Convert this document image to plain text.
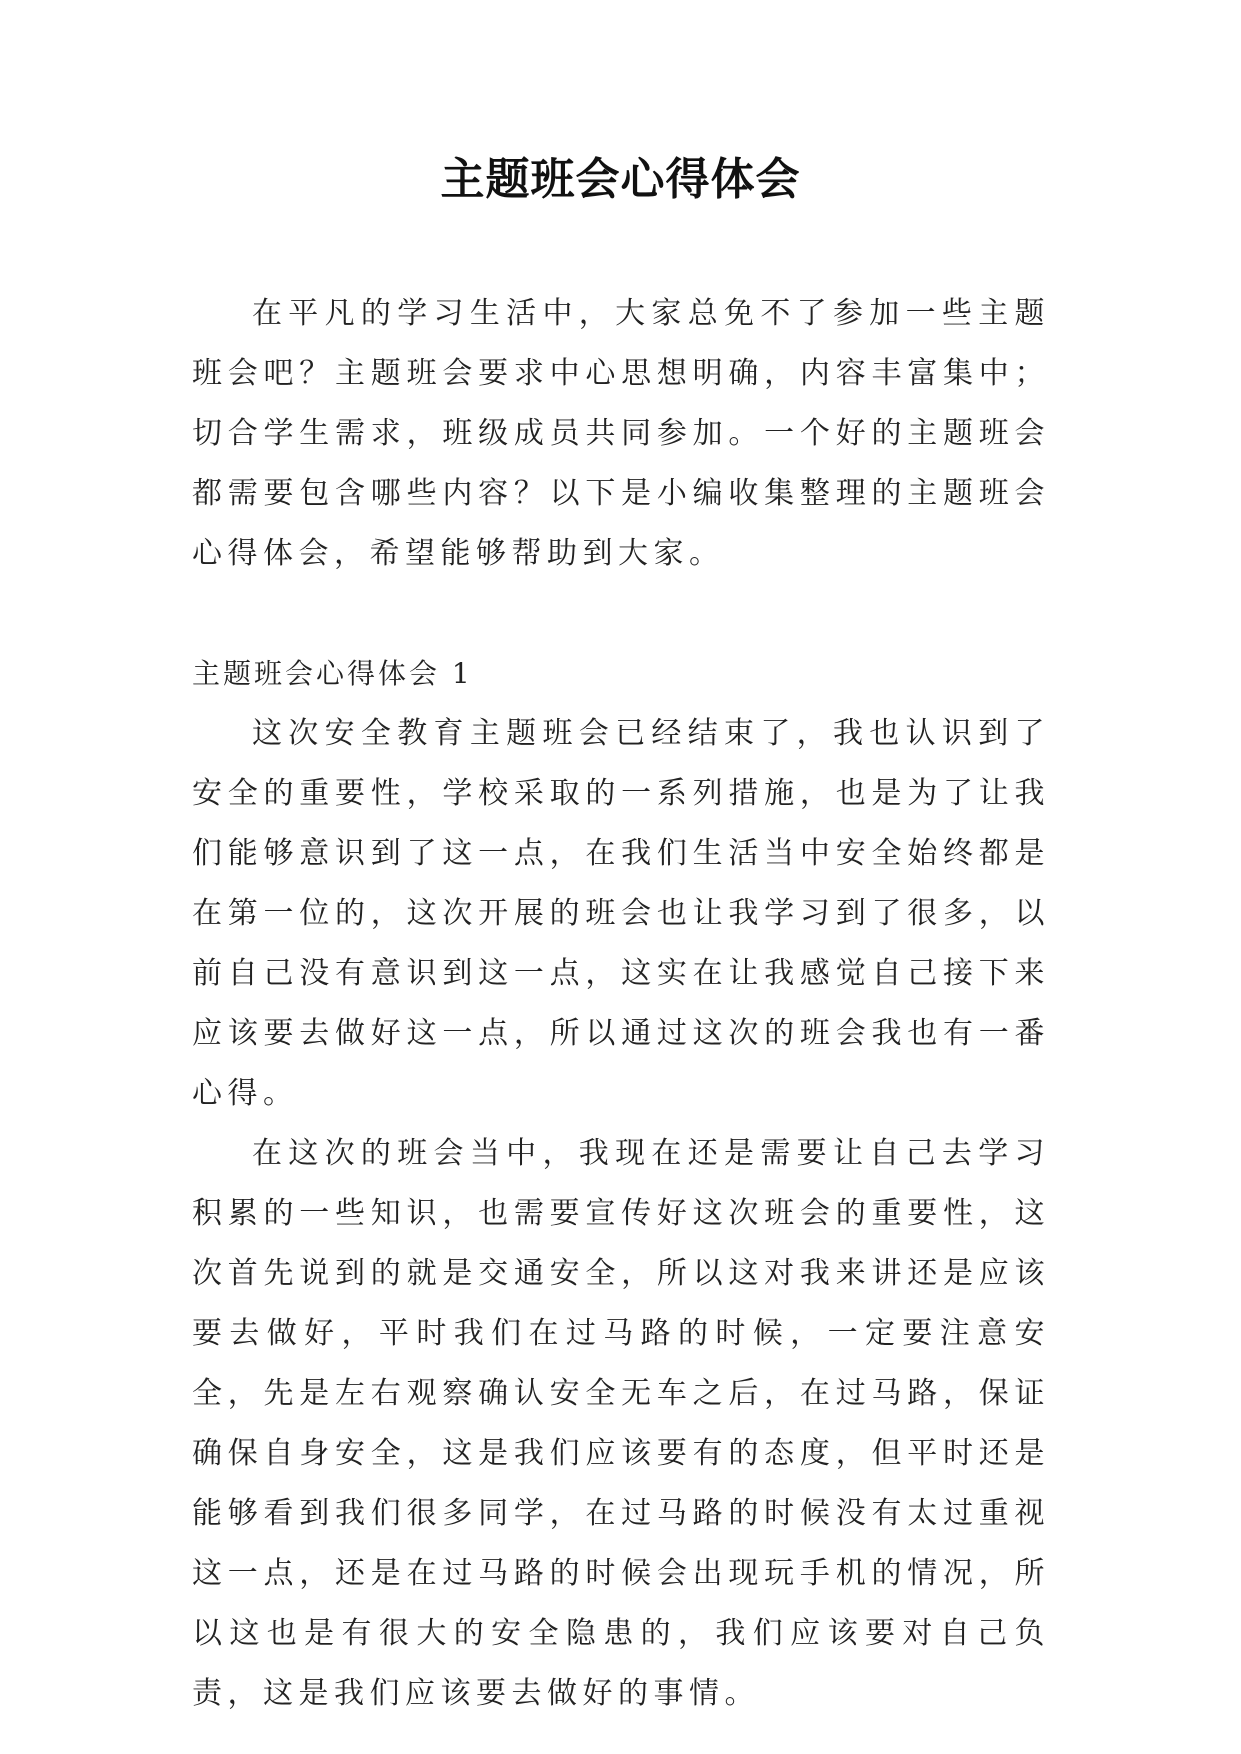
主题班会心得体会

在平凡的学习生活中，大家总免不了参加一些主题班会吧？主题班会要求中心思想明确，内容丰富集中；切合学生需求，班级成员共同参加。一个好的主题班会都需要包含哪些内容？以下是小编收集整理的主题班会心得体会，希望能够帮助到大家。

主题班会心得体会 1

这次安全教育主题班会已经结束了，我也认识到了安全的重要性，学校采取的一系列措施，也是为了让我们能够意识到了这一点，在我们生活当中安全始终都是在第一位的，这次开展的班会也让我学习到了很多，以前自己没有意识到这一点，这实在让我感觉自己接下来应该要去做好这一点，所以通过这次的班会我也有一番心得。

在这次的班会当中，我现在还是需要让自己去学习积累的一些知识，也需要宣传好这次班会的重要性，这次首先说到的就是交通安全，所以这对我来讲还是应该要去做好，平时我们在过马路的时候，一定要注意安全，先是左右观察确认安全无车之后，在过马路，保证确保自身安全，这是我们应该要有的态度，但平时还是能够看到我们很多同学，在过马路的时候没有太过重视这一点，还是在过马路的时候会出现玩手机的情况，所以这也是有很大的安全隐患的，我们应该要对自己负责，这是我们应该要去做好的事情。
